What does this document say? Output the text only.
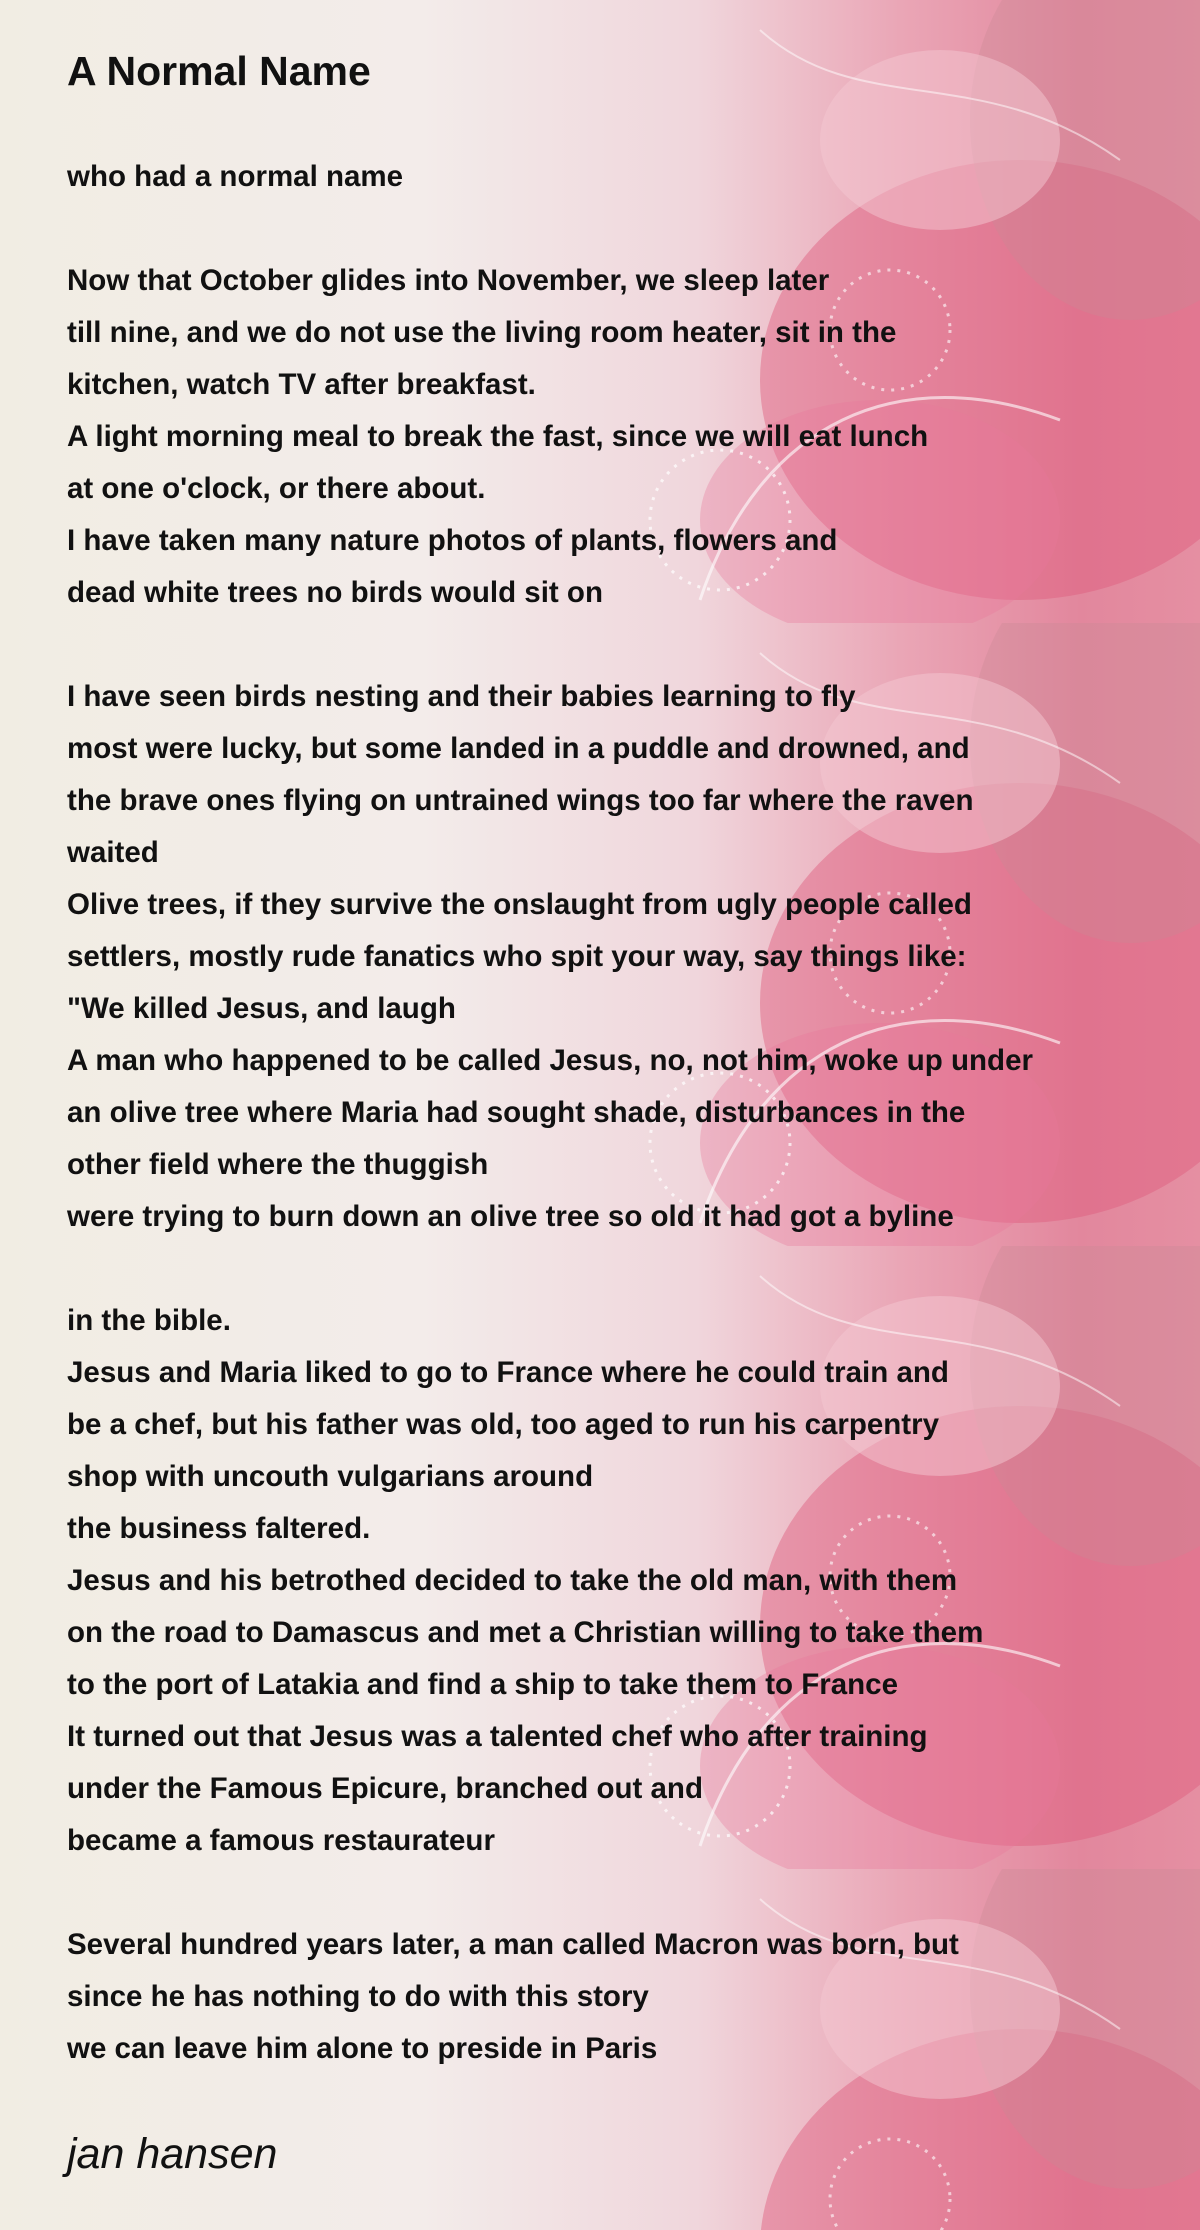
A Normal Name

who had a normal name

Now that October glides into November, we sleep later

till nine, and we do not use the living room heater, sit in the

kitchen, watch TV after breakfast.

A light morning meal to break the fast, since we will eat lunch

at one o'clock, or there about.

I have taken many nature photos of plants, flowers and

dead white trees no birds would sit on

I have seen birds nesting and their babies learning to fly

most were lucky, but some landed in a puddle and drowned, and

the brave ones flying on untrained wings too far where the raven

waited

Olive trees, if they survive the onslaught from ugly people called

settlers, mostly rude fanatics who spit your way, say things like:

"We killed Jesus, and laugh

A man who happened to be called Jesus, no, not him, woke up under

an olive tree where Maria had sought shade, disturbances in the

other field where the thuggish

were trying to burn down an olive tree so old it had got a byline

in the bible.

Jesus and Maria liked to go to France where he could train and

be a chef, but his father was old, too aged to run his carpentry

shop with uncouth vulgarians around

the business faltered.

Jesus and his betrothed decided to take the old man, with them

on the road to Damascus and met a Christian willing to take them

to the port of Latakia and find a ship to take them to France

It turned out that Jesus was a talented chef who after training

under the Famous Epicure, branched out and

became a famous restaurateur

Several hundred years later, a man called Macron was born, but

since he has nothing to do with this story

we can leave him alone to preside in Paris

jan hansen
